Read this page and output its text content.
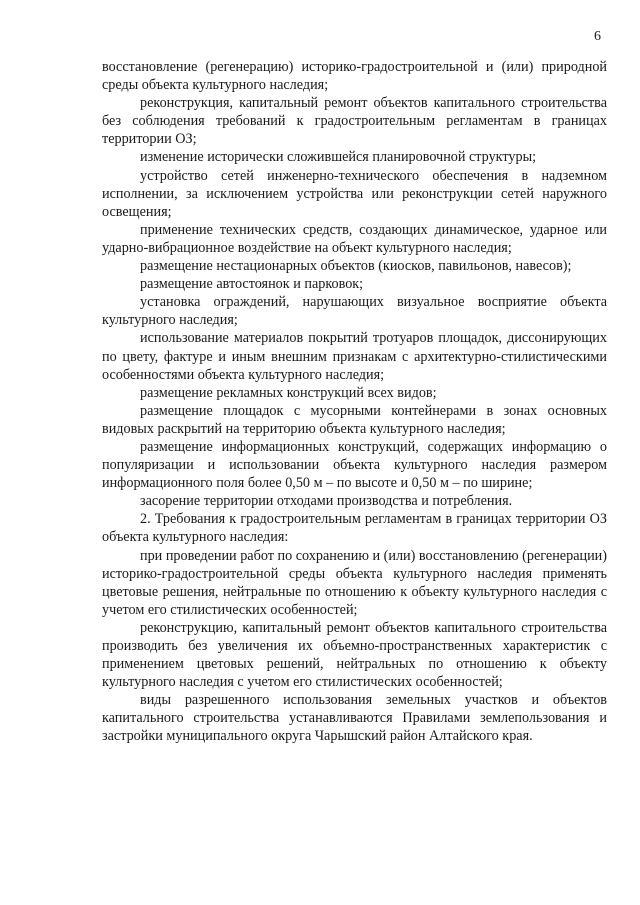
6

восстановление (регенерацию) историко-градостроительной и (или) природной среды объекта культурного наследия;

реконструкция, капитальный ремонт объектов капитального строительства без соблюдения требований к градостроительным регламентам в границах территории ОЗ;

изменение исторически сложившейся планировочной структуры;

устройство сетей инженерно-технического обеспечения в надземном исполнении, за исключением устройства или реконструкции сетей наружного освещения;

применение технических средств, создающих динамическое, ударное или ударно-вибрационное воздействие на объект культурного наследия;

размещение нестационарных объектов (киосков, павильонов, навесов);

размещение автостоянок и парковок;

установка ограждений, нарушающих визуальное восприятие объекта культурного наследия;

использование материалов покрытий тротуаров площадок, диссонирующих по цвету, фактуре и иным внешним признакам с архитектурно-стилистическими особенностями объекта культурного наследия;

размещение рекламных конструкций всех видов;

размещение площадок с мусорными контейнерами в зонах основных видовых раскрытий на территорию объекта культурного наследия;

размещение информационных конструкций, содержащих информацию о популяризации и использовании объекта культурного наследия размером информационного поля более 0,50 м – по высоте и 0,50 м – по ширине;

засорение территории отходами производства и потребления.

2. Требования к градостроительным регламентам в границах территории ОЗ объекта культурного наследия:

при проведении работ по сохранению и (или) восстановлению (регенерации) историко-градостроительной среды объекта культурного наследия применять цветовые решения, нейтральные по отношению к объекту культурного наследия с учетом его стилистических особенностей;

реконструкцию, капитальный ремонт объектов капитального строительства производить без увеличения их объемно-пространственных характеристик с применением цветовых решений, нейтральных по отношению к объекту культурного наследия с учетом его стилистических особенностей;

виды разрешенного использования земельных участков и объектов капитального строительства устанавливаются Правилами землепользования и застройки муниципального округа Чарышский район Алтайского края.
